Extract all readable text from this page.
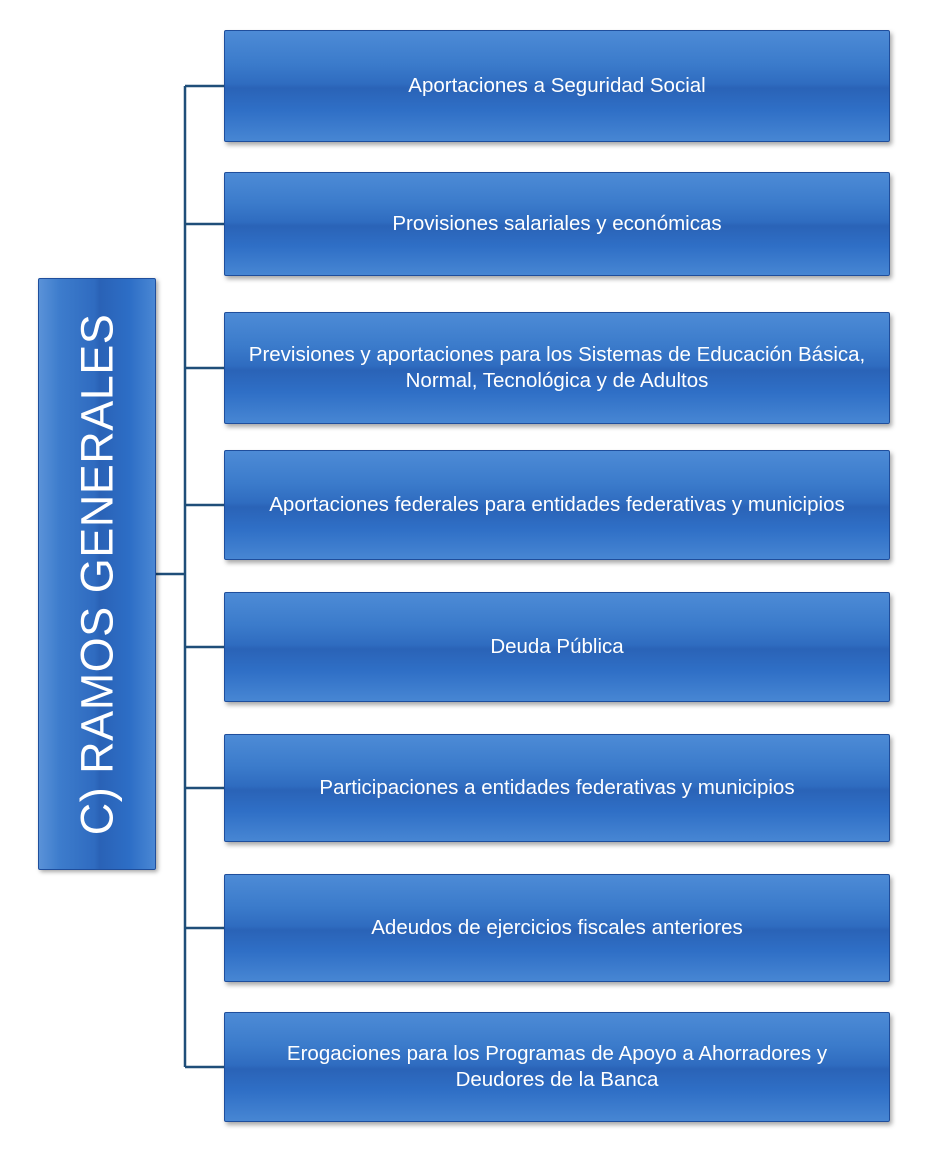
C) RAMOS GENERALES
Aportaciones a Seguridad Social
Provisiones salariales y económicas
Previsiones y aportaciones para los Sistemas de Educación Básica, Normal, Tecnológica y de Adultos
Aportaciones federales para entidades federativas y municipios
Deuda Pública
Participaciones a entidades federativas y municipios
Adeudos de ejercicios fiscales anteriores
Erogaciones para los Programas de Apoyo a Ahorradores y Deudores de la Banca
